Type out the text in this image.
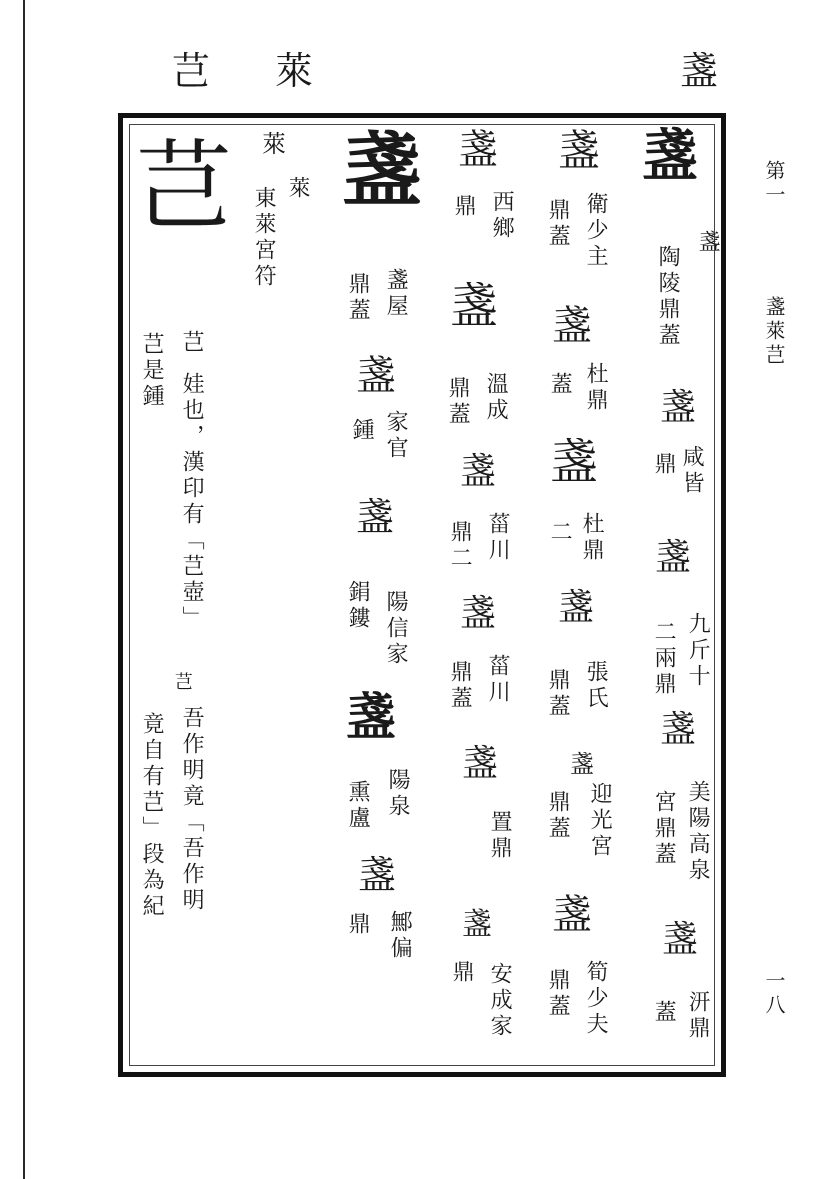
芑 萊	盞
盞
盞
陶陵鼎蓋
盞
咸皆
鼎
盞
九斤十
二兩鼎
盞
美陽高泉
宮鼎蓋
盞
汧鼎
蓋
盞
衛少主
鼎蓋
盞
杜鼎
蓋
盞
杜鼎
二
盞
張氏
鼎蓋
盞
迎光宮
鼎蓋
盞
筍少夫
鼎蓋
盞
西鄉
鼎
盞
溫成
鼎蓋
盞
菑川
鼎二
盞
菑川
鼎蓋
盞
置鼎
盞
安成家
鼎
盞
盞屋
鼎蓋
盞
家官
鍾
盞
陽信家
鋗鏤
盞
陽泉
熏盧
盞
鄦偏
鼎
萊
萊
東萊宮符
芑
芑
娃也，漢印有「芑壺」
芑是鍾
芑
吾作明竟「吾作明
竟自有芑」段為紀
第一
盞萊芑
一八
